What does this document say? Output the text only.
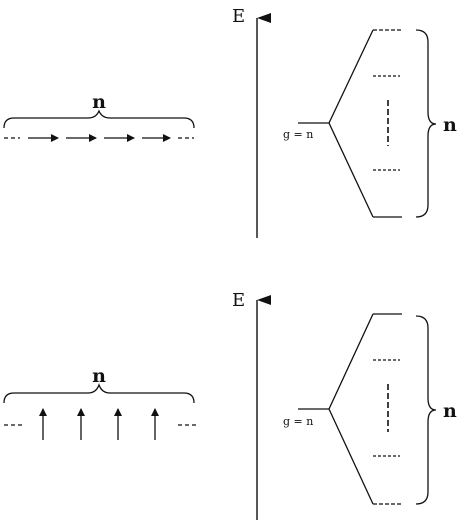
n
E
g = n	n
n
E
g = n	n
